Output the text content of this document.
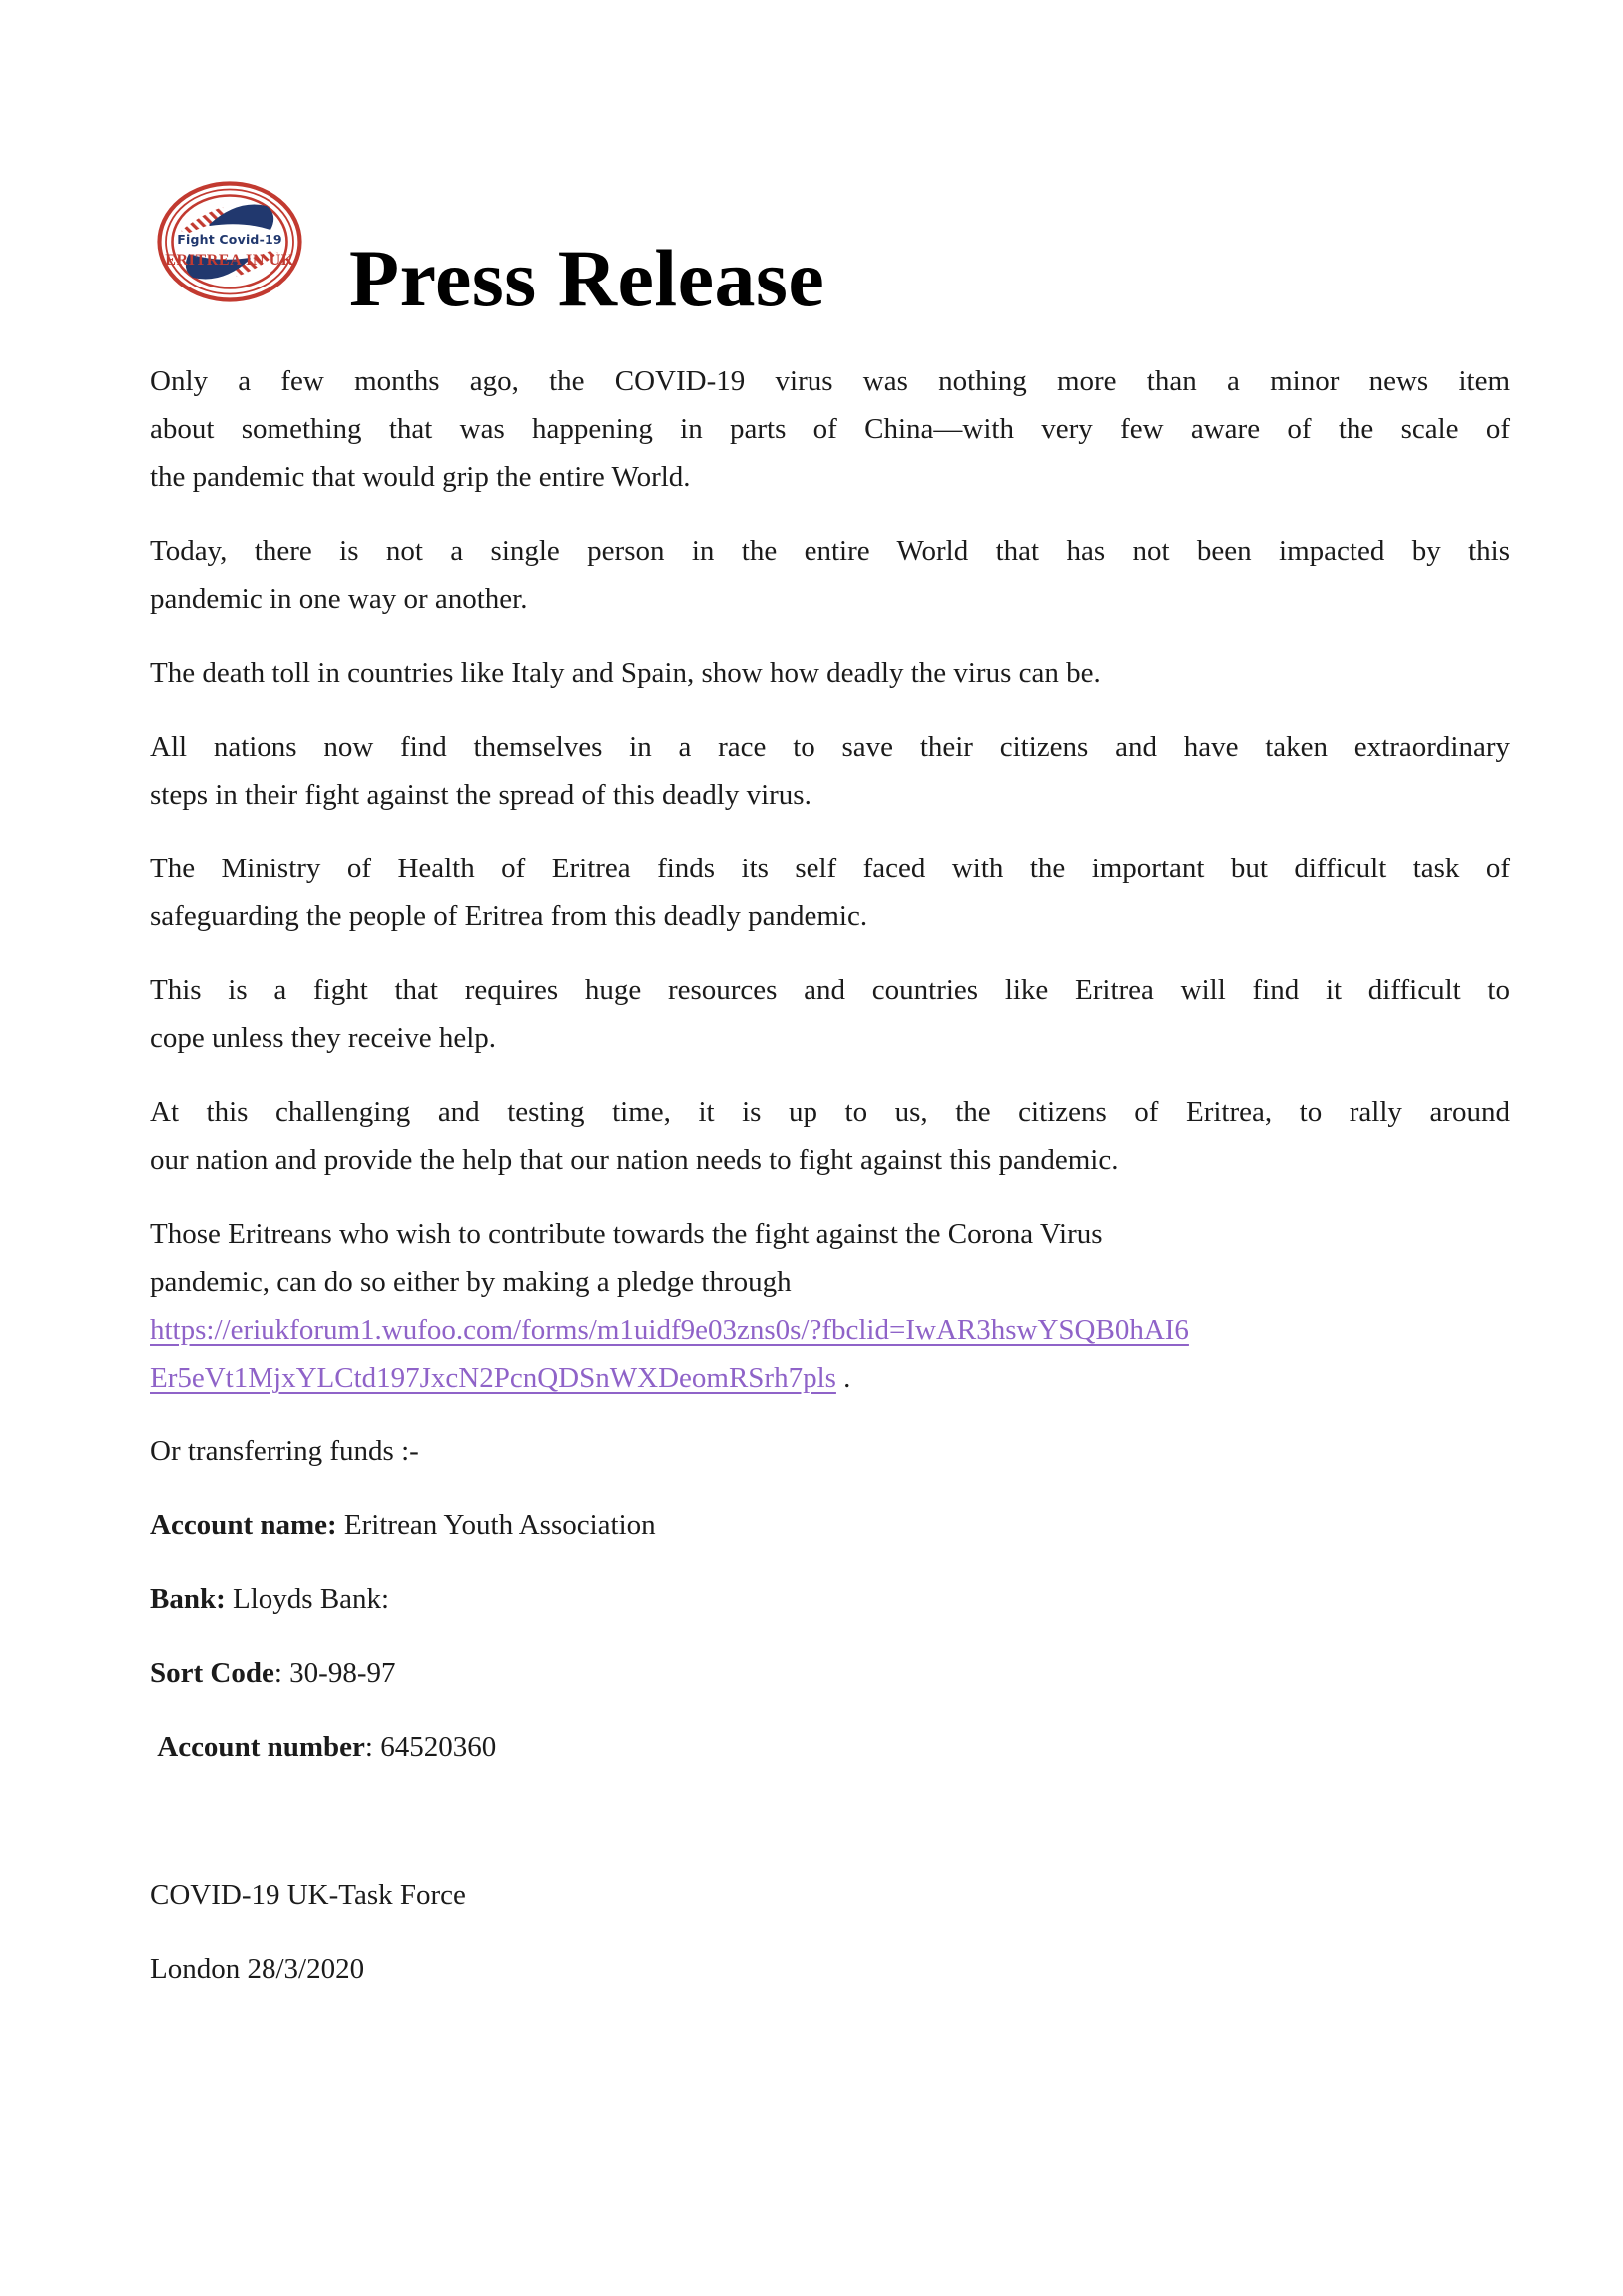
Fight Covid-19
ERITREA IN UK Press Release
Only a few months ago, the COVID-19 virus was nothing more than a minor news item
about something that was happening in parts of China—with very few aware of the scale of
the pandemic that would grip the entire World.
Today, there is not a single person in the entire World that has not been impacted by this
pandemic in one way or another.
The death toll in countries like Italy and Spain, show how deadly the virus can be.
All nations now find themselves in a race to save their citizens and have taken extraordinary
steps in their fight against the spread of this deadly virus.
The Ministry of Health of Eritrea finds its self faced with the important but difficult task of
safeguarding the people of Eritrea from this deadly pandemic.
This is a fight that requires huge resources and countries like Eritrea will find it difficult to
cope unless they receive help.
At this challenging and testing time, it is up to us, the citizens of Eritrea, to rally around
our nation and provide the help that our nation needs to fight against this pandemic.
Those Eritreans who wish to contribute towards the fight against the Corona Virus
pandemic, can do so either by making a pledge through
https://eriukforum1.wufoo.com/forms/m1uidf9e03zns0s/?fbclid=IwAR3hswYSQB0hAI6
Er5eVt1MjxYLCtd197JxcN2PcnQDSnWXDeomRSrh7pls .
Or transferring funds :-
Account name: Eritrean Youth Association
Bank: Lloyds Bank:
Sort Code: 30-98-97
Account number: 64520360
COVID-19 UK-Task Force
London 28/3/2020
